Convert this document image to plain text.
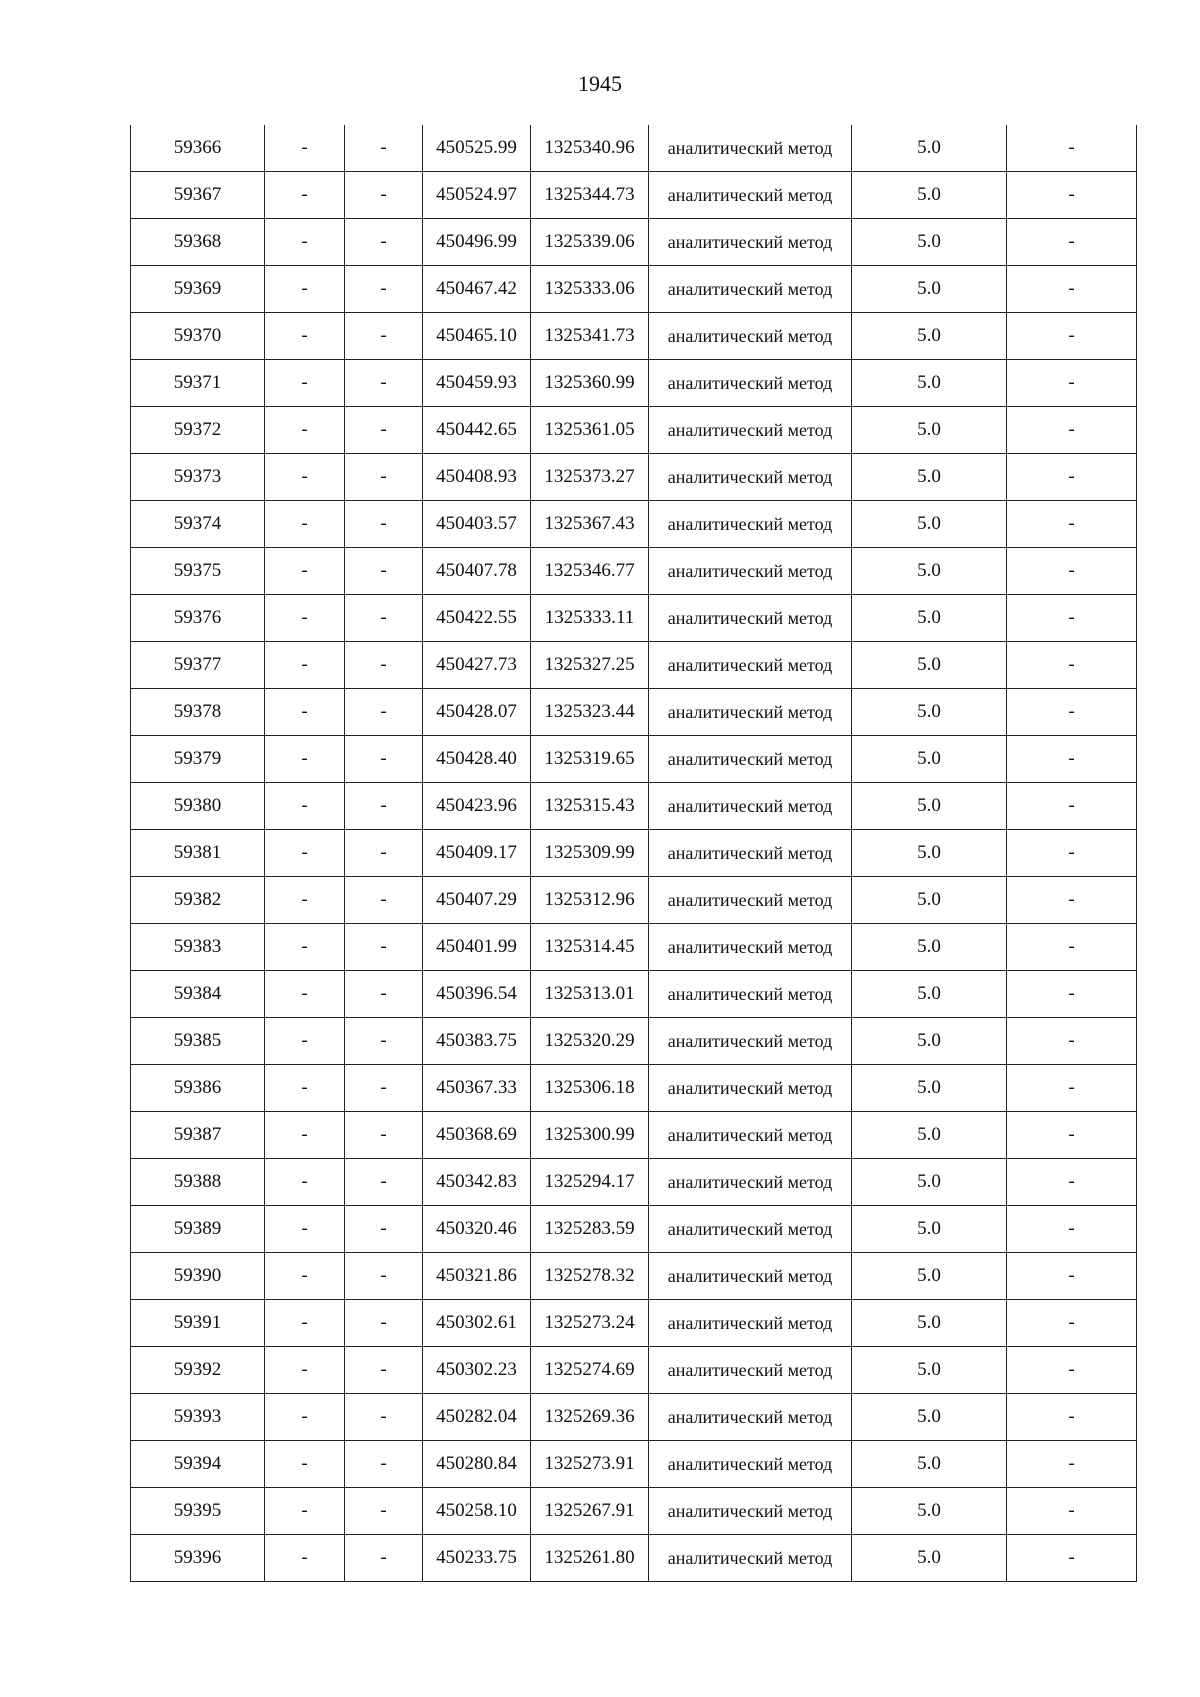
1945
59366	-	-	450525.99	1325340.96	аналитический метод	5.0	-
59367	-	-	450524.97	1325344.73	аналитический метод	5.0	-
59368	-	-	450496.99	1325339.06	аналитический метод	5.0	-
59369	-	-	450467.42	1325333.06	аналитический метод	5.0	-
59370	-	-	450465.10	1325341.73	аналитический метод	5.0	-
59371	-	-	450459.93	1325360.99	аналитический метод	5.0	-
59372	-	-	450442.65	1325361.05	аналитический метод	5.0	-
59373	-	-	450408.93	1325373.27	аналитический метод	5.0	-
59374	-	-	450403.57	1325367.43	аналитический метод	5.0	-
59375	-	-	450407.78	1325346.77	аналитический метод	5.0	-
59376	-	-	450422.55	1325333.11	аналитический метод	5.0	-
59377	-	-	450427.73	1325327.25	аналитический метод	5.0	-
59378	-	-	450428.07	1325323.44	аналитический метод	5.0	-
59379	-	-	450428.40	1325319.65	аналитический метод	5.0	-
59380	-	-	450423.96	1325315.43	аналитический метод	5.0	-
59381	-	-	450409.17	1325309.99	аналитический метод	5.0	-
59382	-	-	450407.29	1325312.96	аналитический метод	5.0	-
59383	-	-	450401.99	1325314.45	аналитический метод	5.0	-
59384	-	-	450396.54	1325313.01	аналитический метод	5.0	-
59385	-	-	450383.75	1325320.29	аналитический метод	5.0	-
59386	-	-	450367.33	1325306.18	аналитический метод	5.0	-
59387	-	-	450368.69	1325300.99	аналитический метод	5.0	-
59388	-	-	450342.83	1325294.17	аналитический метод	5.0	-
59389	-	-	450320.46	1325283.59	аналитический метод	5.0	-
59390	-	-	450321.86	1325278.32	аналитический метод	5.0	-
59391	-	-	450302.61	1325273.24	аналитический метод	5.0	-
59392	-	-	450302.23	1325274.69	аналитический метод	5.0	-
59393	-	-	450282.04	1325269.36	аналитический метод	5.0	-
59394	-	-	450280.84	1325273.91	аналитический метод	5.0	-
59395	-	-	450258.10	1325267.91	аналитический метод	5.0	-
59396	-	-	450233.75	1325261.80	аналитический метод	5.0	-
